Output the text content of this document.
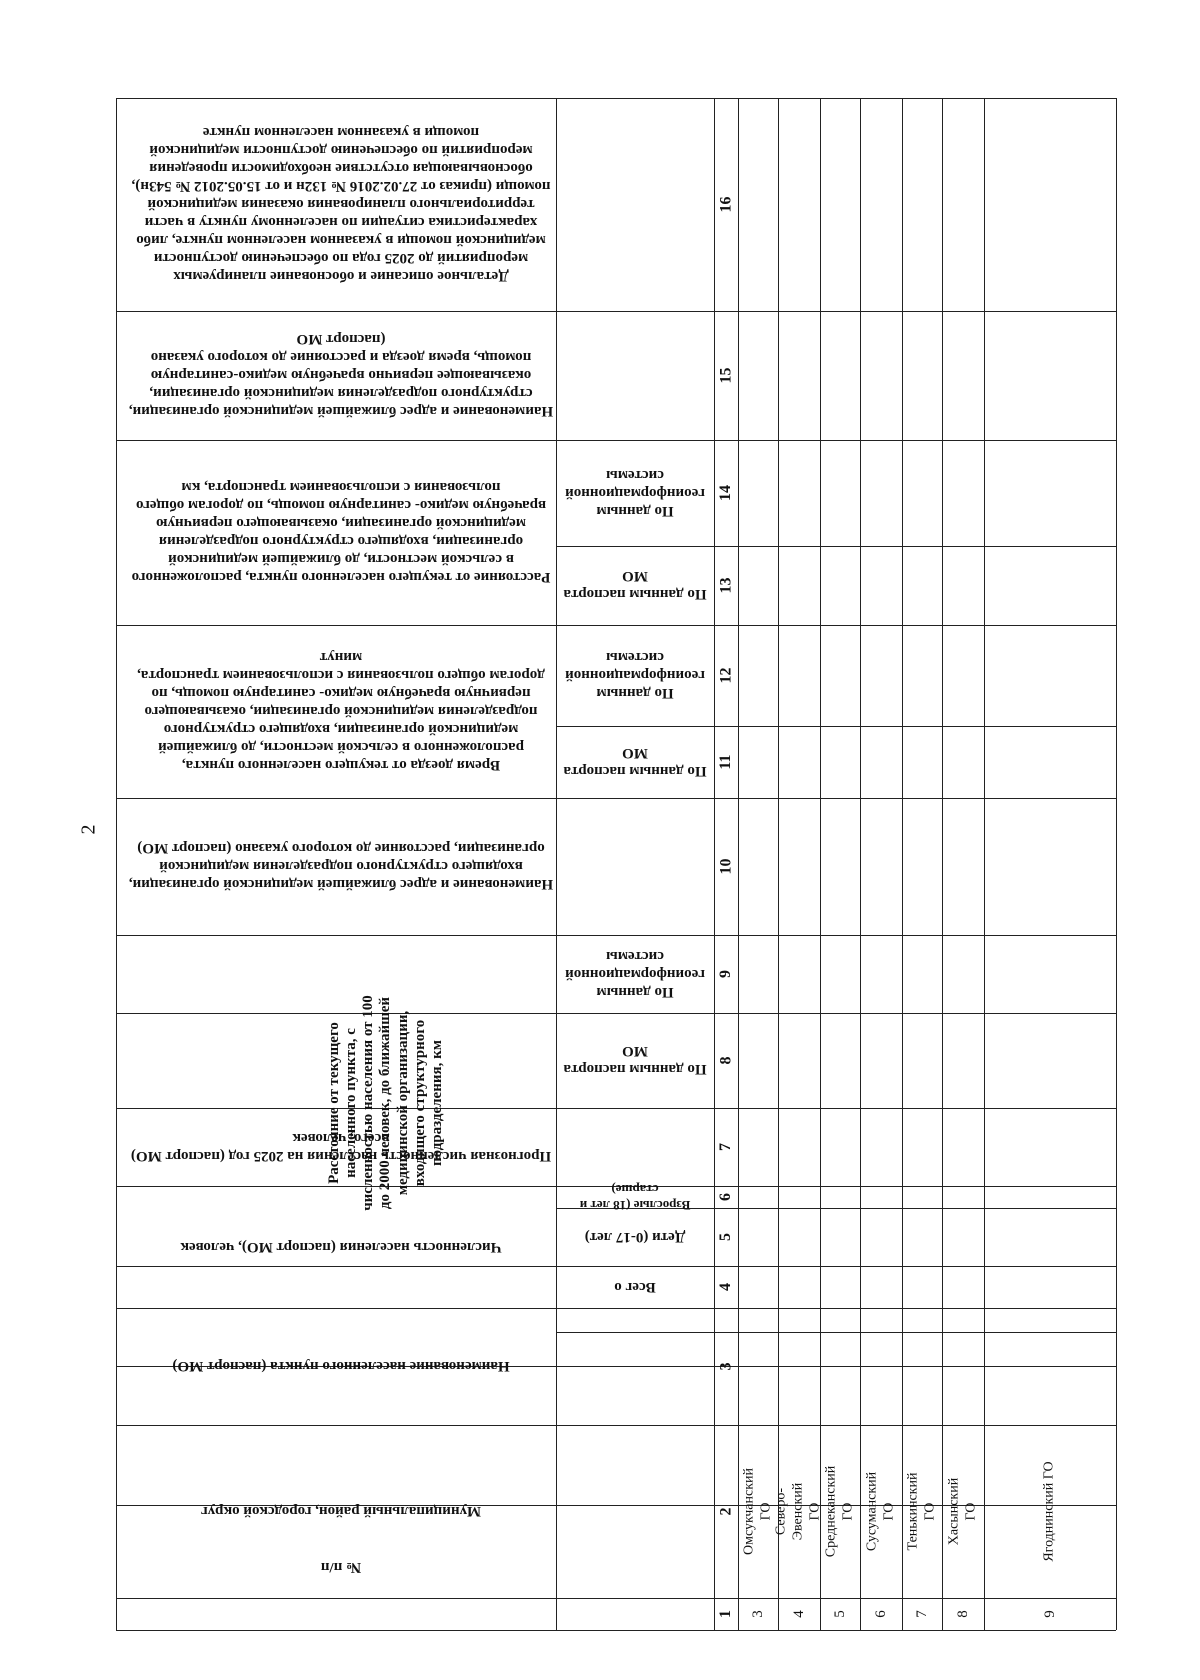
2
Детальное описание и обоснование планируемых мероприятий до 2025 года по обеспечению доступности медицинской помощи в указанном населенном пункте, либо характеристика ситуации по населенному пункту в части территориального планирования оказания медицинской помощи (приказ от 27.02.2016 № 132н и от 15.05.2012 № 543н), обосновывающая отсутствие необходимости проведения мероприятий по обеспечению доступности медицинской помощи в указанном населенном пункте
Наименование и адрес ближайшей медицинской организации, структурного подразделения медицинской организации, оказывающее первично врачебную медико-санитарную помощь, время доезда и расстояние до которого указано (паспорт МО
Расстояние от текущего населенного пункта, расположенного в сельской местности, до ближайшей медицинской организации, входящего структурного подразделения медицинской организации, оказывающего первичную врачебную медико- санитарную помощь, по дорогам общего пользования с использованием транспорта, км
По данным геоинформационной системы
По данным паспорта МО
Время доезда от текущего населенного пункта, расположенного в сельской местности, до ближайшей медицинской организации, входящего структурного подразделения медицинской организации, оказывающего первичную врачебную медико- санитарную помощь, по дорогам общего пользования с использованием транспорта, минут
По данным геоинформационной системы
По данным паспорта МО
Наименование и адрес ближайшей медицинской организации, входящего структурного подразделения медицинской организации, расстояние до которого указано (паспорт МО)
Расстояние от текущего населенного пункта, с численностью населения от 100 до 2000 человек, до ближайшей медицинской организации, входящего структурного подразделения, км
По данным геоинформационной системы
По данным паспорта МО
Прогнозная численность населения на 2025 год (паспорт МО) всего, человек
Численность населения (паспорт МО), человек
Взрослые (18 лет и старше)
Дети (0-17 лет)
Всег о
Наименование населенного пункта (паспорт МО)
Муниципальный район, городской округ
№ п/п
16
15
14
13
12
11
10
9
8
7
6
5
4
3
2
1
Омсукчанский ГО
3
Северо-Эвенский ГО
4
Среднеканский ГО
5
Сусуманский ГО
6
Тенькинский ГО
7
Хасынский ГО
8
Ягоднинский ГО
9
